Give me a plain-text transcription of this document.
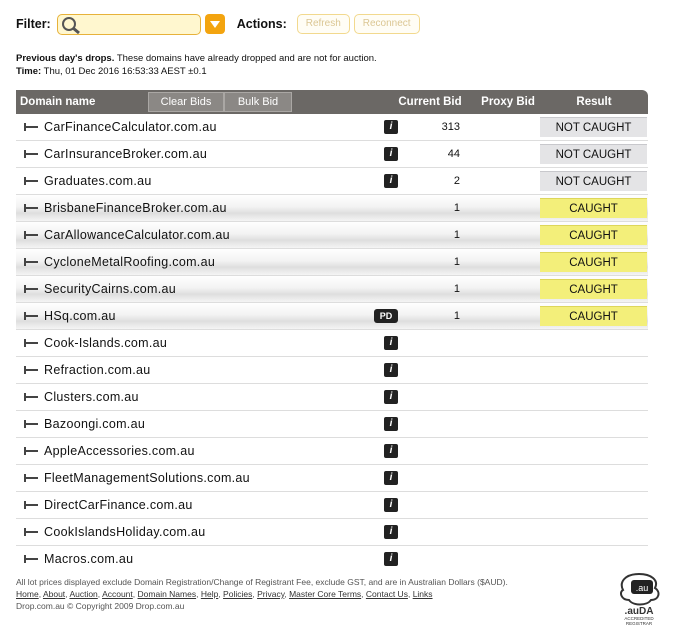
Filter:	Actions:	Refresh	Reconnect
Previous day's drops. These domains have already dropped and are not for auction.
Time: Thu, 01 Dec 2016 16:53:33 AEST ±0.1
Domain name	Clear Bids	Bulk Bid	Current Bid Proxy Bid	Result
CarFinanceCalculator.com.au	i	313	NOT CAUGHT
CarInsuranceBroker.com.au	i	44	NOT CAUGHT
Graduates.com.au	i	2	NOT CAUGHT
BrisbaneFinanceBroker.com.au	1	CAUGHT
CarAllowanceCalculator.com.au	1	CAUGHT
CycloneMetalRoofing.com.au	1	CAUGHT
SecurityCairns.com.au	1	CAUGHT
HSq.com.au	PD	1	CAUGHT
Cook-Islands.com.au	i
Refraction.com.au	i
Clusters.com.au	i
Bazoongi.com.au	i
AppleAccessories.com.au	i
FleetManagementSolutions.com.au	i
DirectCarFinance.com.au	i
CookIslandsHoliday.com.au	i
Macros.com.au	i
All lot prices displayed exclude Domain Registration/Change of Registrant Fee, exclude GST, and are in Australian Dollars ($AUD).
Home, About, Auction, Account, Domain Names, Help, Policies, Privacy, Master Core Terms, Contact Us, Links
Drop.com.au © Copyright 2009 Drop.com.au
.au
.auDA
ACCREDITED
REGISTRAR
